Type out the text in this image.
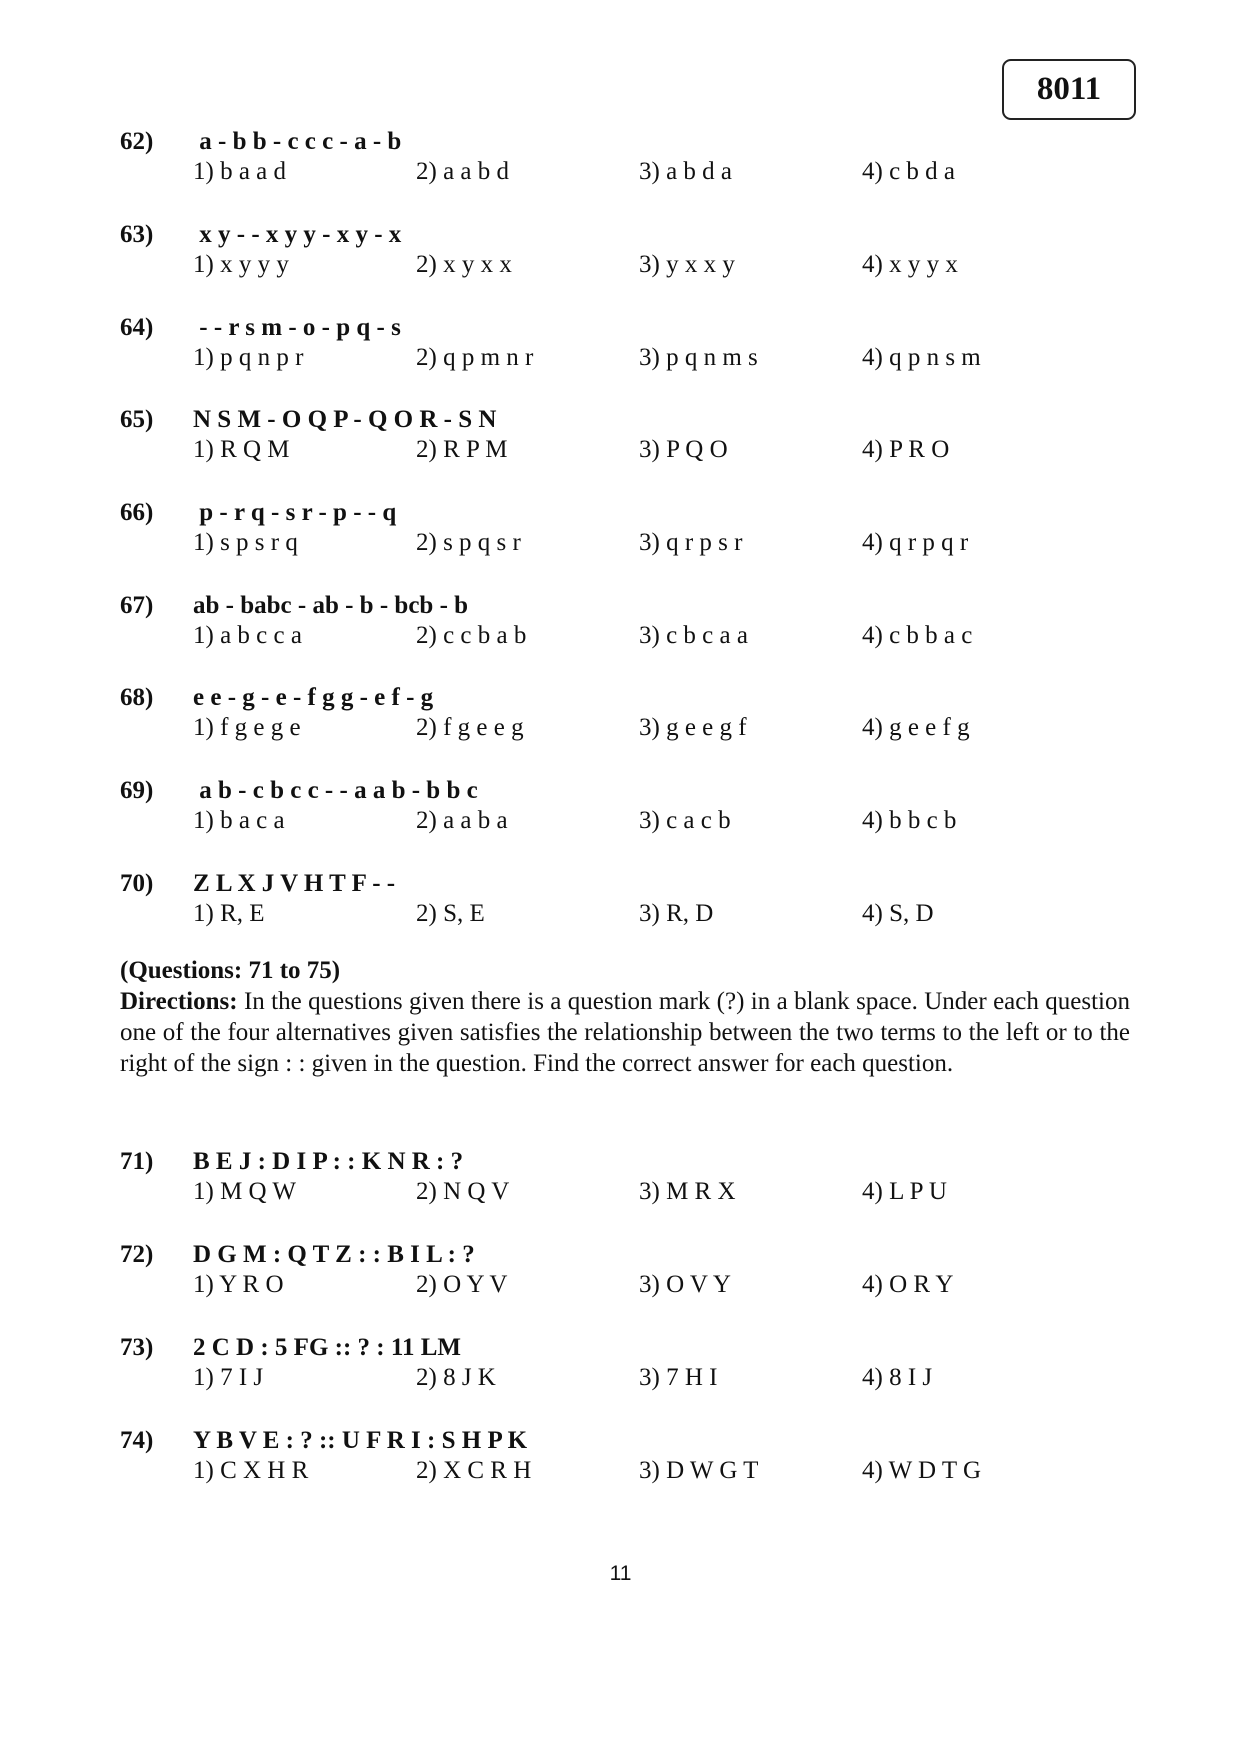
8011
62) a - b b - c c c - a - b
1) b a a d	2) a a b d	3) a b d a	4) c b d a
63) x y - - x y y - x y - x
1) x y y y	2) x y x x	3) y x x y	4) x y y x
64) - - r s m - o - p q - s
1) p q n p r	2) q p m n r	3) p q n m s	4) q p n s m
65) N S M - O Q P - Q O R - S N
1) R Q M	2) R P M	3) P Q O	4) P R O
66) p - r q - s r - p - - q
1) s p s r q	2) s p q s r	3) q r p s r	4) q r p q r
67) ab - babc - ab - b - bcb - b
1) a b c c a	2) c c b a b	3) c b c a a	4) c b b a c
68) e e - g - e - f g g - e f - g
1) f g e g e	2) f g e e g	3) g e e g f	4) g e e f g
69) a b - c b c c - - a a b - b b c
1) b a c a	2) a a b a	3) c a c b	4) b b c b
70) Z L X J V H T F - -
1) R, E	2) S, E	3) R, D	4) S, D

(Questions: 71 to 75)

Directions: In the questions given there is a question mark (?) in a blank space. Under each question one of the four alternatives given satisfies the relationship between the two terms to the left or to the right of the sign : : given in the question. Find the correct answer for each question.

71) B E J : D I P : : K N R : ?
1) M Q W	2) N Q V	3) M R X	4) L P U
72) D G M : Q T Z : : B I L : ?
1) Y R O	2) O Y V	3) O V Y	4) O R Y
73) 2 C D : 5 FG :: ? : 11 LM
1) 7 I J	2) 8 J K	3) 7 H I	4) 8 I J
74) Y B V E : ? :: U F R I : S H P K
1) C X H R	2) X C R H	3) D W G T	4) W D T G
11
